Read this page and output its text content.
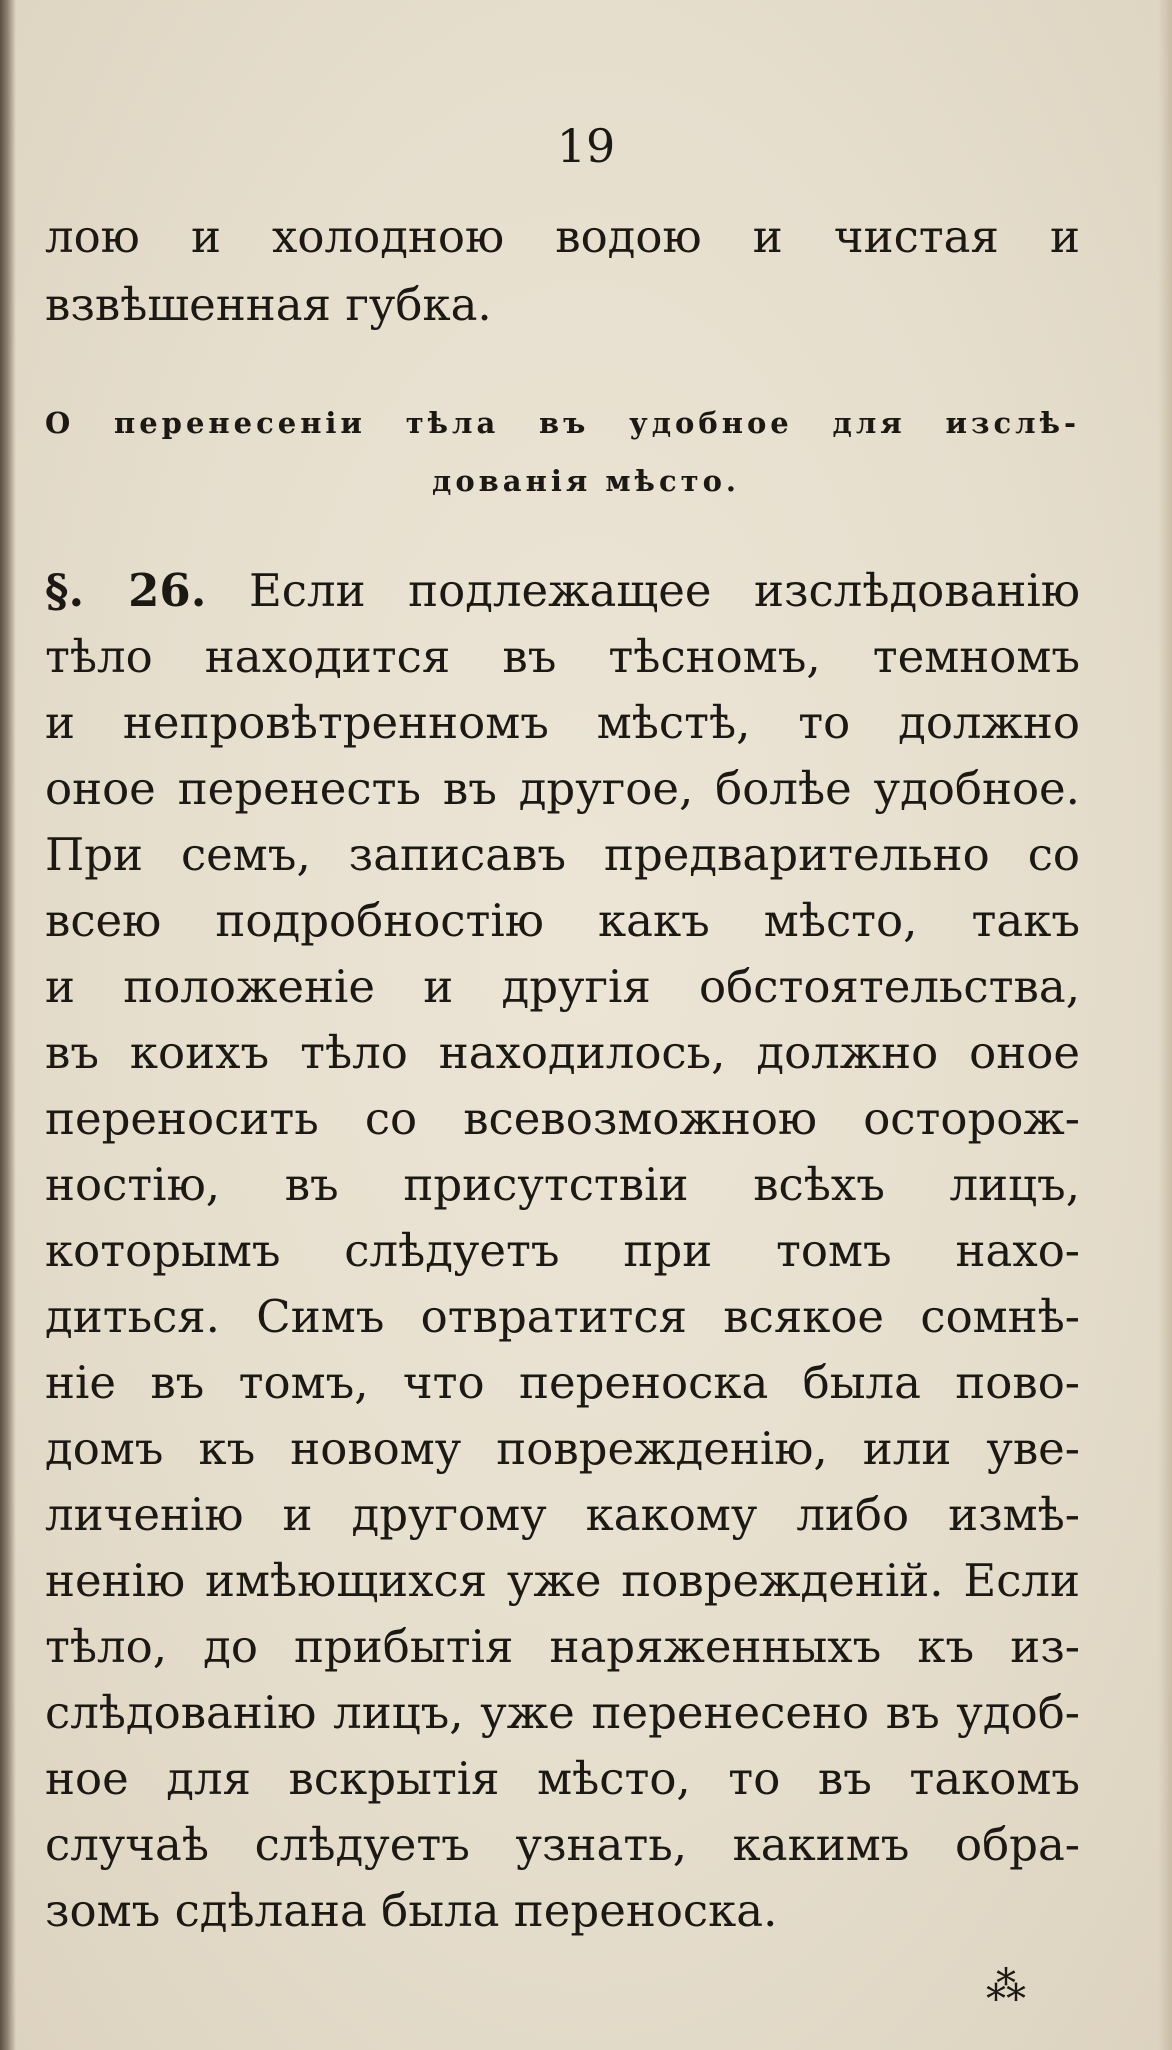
19
лою и холодною водою и чистая и
взвѣшенная губка.
О перенесеніи тѣла въ удобное для изслѣ-
дованія мѣсто.
§. 26. Если подлежащее изслѣдованію
тѣло находится въ тѣсномъ, темномъ
и непровѣтренномъ мѣстѣ, то должно
оное перенесть въ другое, болѣе удобное.
При семъ, записавъ предварительно со
всею подробностію какъ мѣсто, такъ
и положеніе и другія обстоятельства,
въ коихъ тѣло находилось, должно оное
переносить со всевозможною осторож-
ностію, въ присутствіи всѣхъ лицъ,
которымъ слѣдуетъ при томъ нахо-
диться. Симъ отвратится всякое сомнѣ-
ніе въ томъ, что переноска была пово-
домъ къ новому поврежденію, или уве-
личенію и другому какому либо измѣ-
ненію имѣющихся уже поврежденій. Если
тѣло, до прибытія наряженныхъ къ из-
слѣдованію лицъ, уже перенесено въ удоб-
ное для вскрытія мѣсто, то въ такомъ
случаѣ слѣдуетъ узнать, какимъ обра-
зомъ сдѣлана была переноска.
⁂
